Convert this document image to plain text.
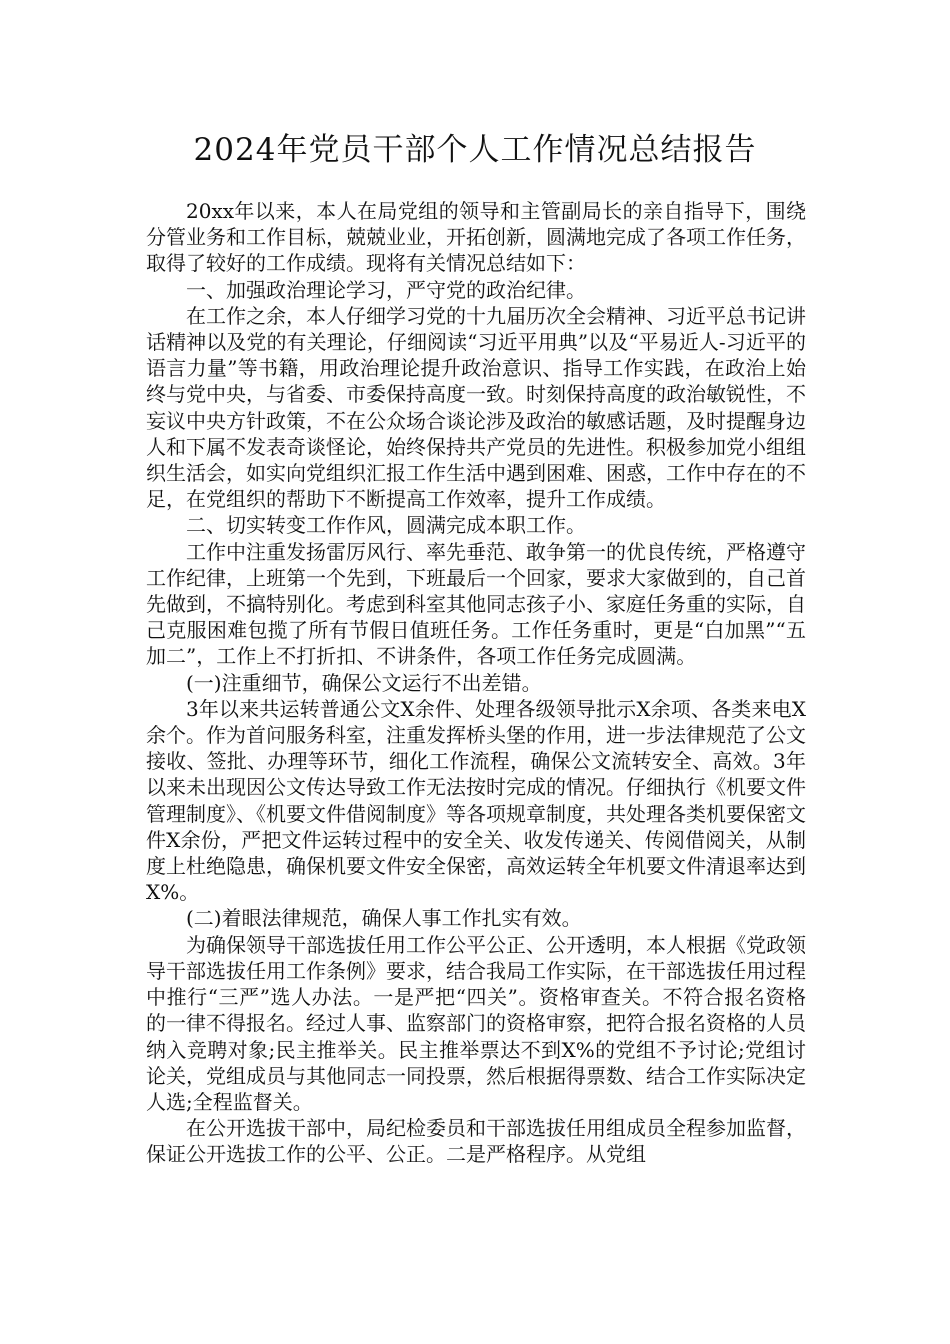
2024年党员干部个人工作情况总结报告

20xx年以来，本人在局党组的领导和主管副局长的亲自指导下，围绕分管业务和工作目标，兢兢业业，开拓创新，圆满地完成了各项工作任务，取得了较好的工作成绩。现将有关情况总结如下：

一、加强政治理论学习，严守党的政治纪律。

在工作之余，本人仔细学习党的十九届历次全会精神、习近平总书记讲话精神以及党的有关理论，仔细阅读“习近平用典”以及“平易近人-习近平的语言力量”等书籍，用政治理论提升政治意识、指导工作实践，在政治上始终与党中央，与省委、市委保持高度一致。时刻保持高度的政治敏锐性，不妄议中央方针政策，不在公众场合谈论涉及政治的敏感话题，及时提醒身边人和下属不发表奇谈怪论，始终保持共产党员的先进性。积极参加党小组组织生活会，如实向党组织汇报工作生活中遇到困难、困惑，工作中存在的不足，在党组织的帮助下不断提高工作效率，提升工作成绩。

二、切实转变工作作风，圆满完成本职工作。

工作中注重发扬雷厉风行、率先垂范、敢争第一的优良传统，严格遵守工作纪律，上班第一个先到，下班最后一个回家，要求大家做到的，自己首先做到，不搞特别化。考虑到科室其他同志孩子小、家庭任务重的实际，自己克服困难包揽了所有节假日值班任务。工作任务重时，更是“白加黑”“五加二”，工作上不打折扣、不讲条件，各项工作任务完成圆满。

(一)注重细节，确保公文运行不出差错。

3年以来共运转普通公文X余件、处理各级领导批示X余项、各类来电X余个。作为首问服务科室，注重发挥桥头堡的作用，进一步法律规范了公文接收、签批、办理等环节，细化工作流程，确保公文流转安全、高效。3年以来未出现因公文传达导致工作无法按时完成的情况。仔细执行《机要文件管理制度》、《机要文件借阅制度》等各项规章制度，共处理各类机要保密文件X余份，严把文件运转过程中的安全关、收发传递关、传阅借阅关，从制度上杜绝隐患，确保机要文件安全保密，高效运转全年机要文件清退率达到X%。

(二)着眼法律规范，确保人事工作扎实有效。

为确保领导干部选拔任用工作公平公正、公开透明，本人根据《党政领导干部选拔任用工作条例》要求，结合我局工作实际，在干部选拔任用过程中推行“三严”选人办法。一是严把“四关”。资格审查关。不符合报名资格的一律不得报名。经过人事、监察部门的资格审察，把符合报名资格的人员纳入竞聘对象;民主推举关。民主推举票达不到X%的党组不予讨论;党组讨论关，党组成员与其他同志一同投票，然后根据得票数、结合工作实际决定人选;全程监督关。

在公开选拔干部中，局纪检委员和干部选拔任用组成员全程参加监督，保证公开选拔工作的公平、公正。二是严格程序。从党组
